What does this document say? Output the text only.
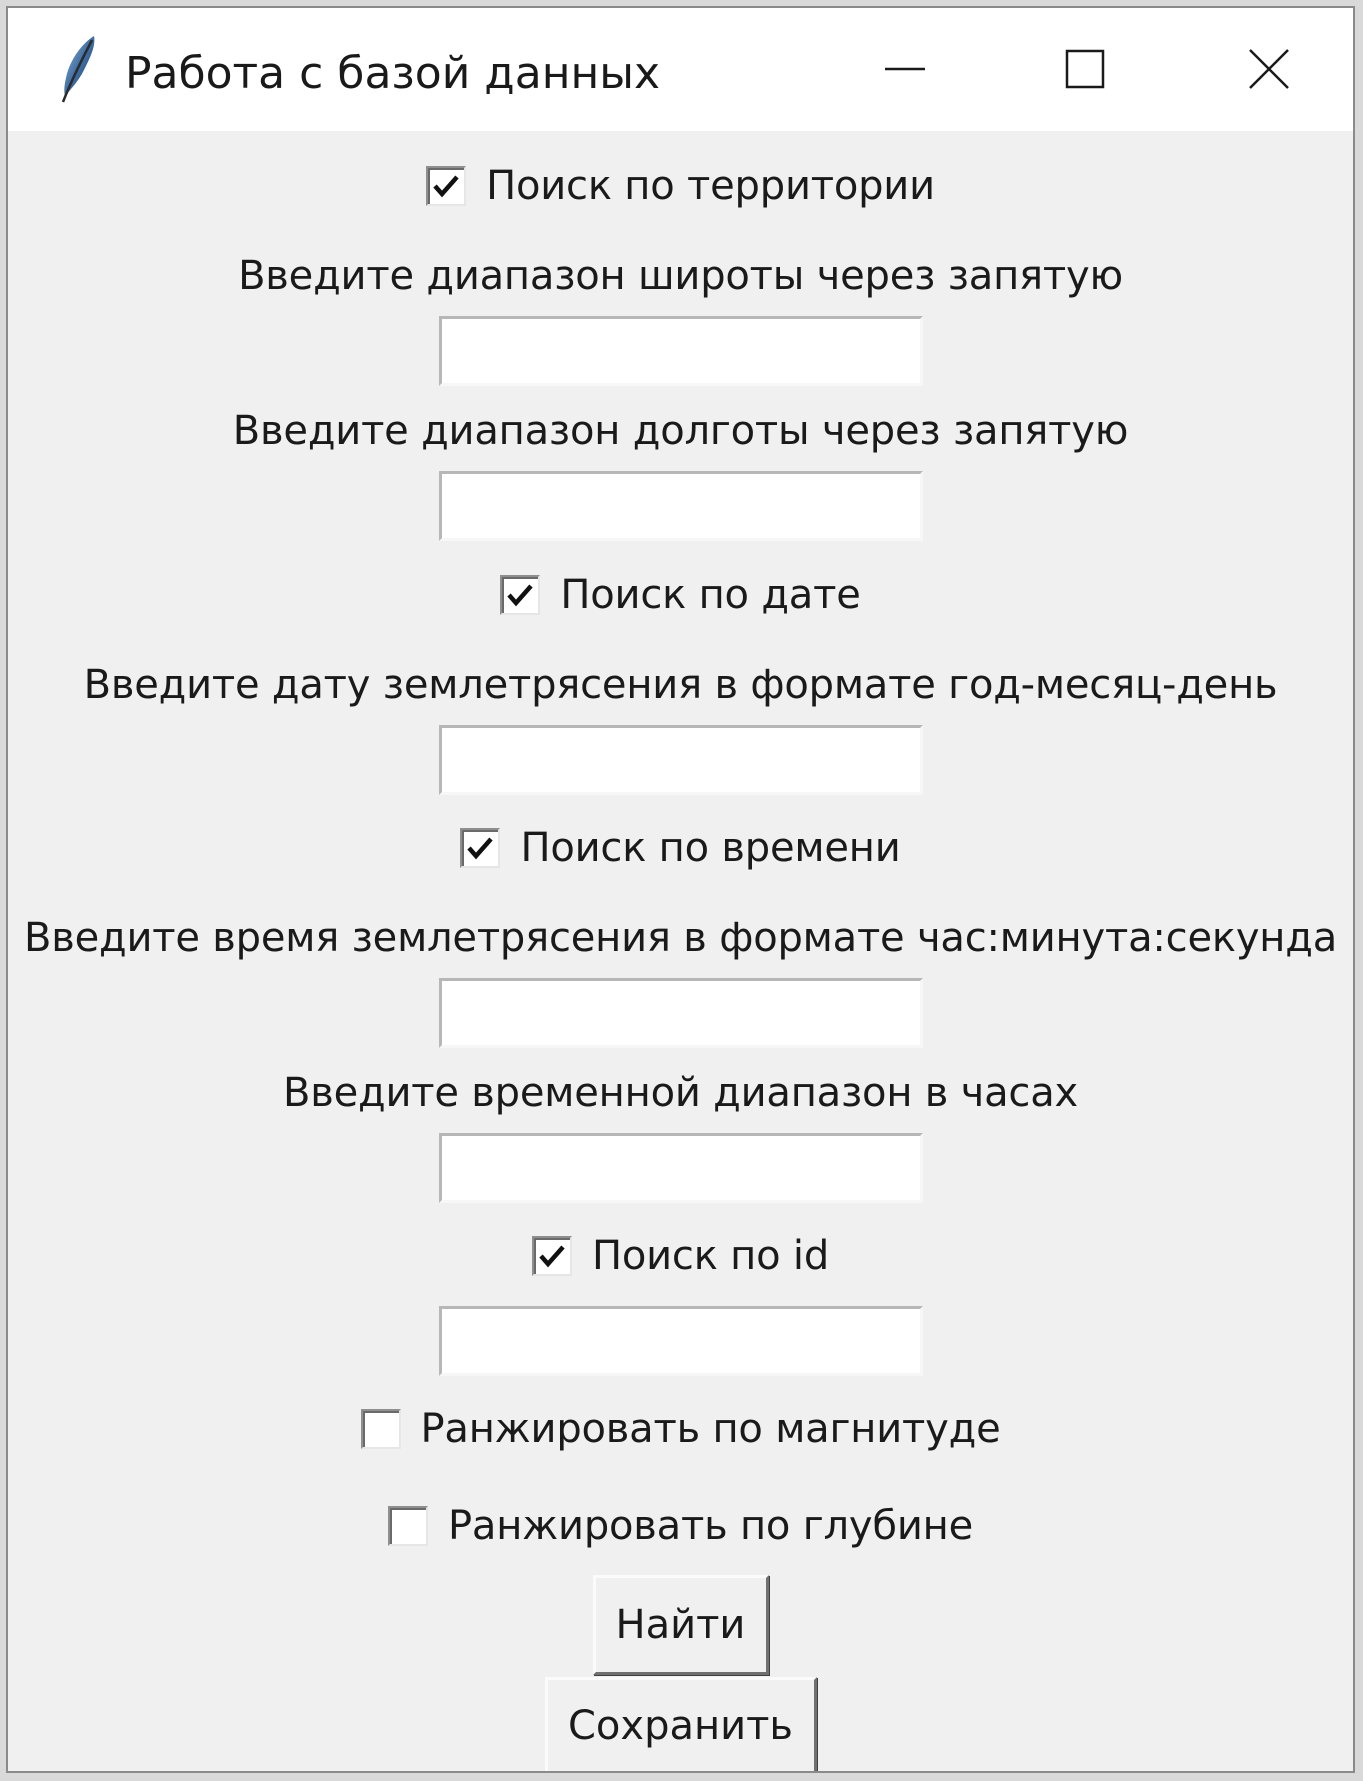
Работа с базой данных
Поиск по территории
Введите диапазон широты через запятую
Введите диапазон долготы через запятую
Поиск по дате
Введите дату землетрясения в формате год-месяц-день
Поиск по времени
Введите время землетрясения в формате час:минута:секунда
Введите временной диапазон в часах
Поиск по id
Ранжировать по магнитуде
Ранжировать по глубине
Найти
Сохранить
